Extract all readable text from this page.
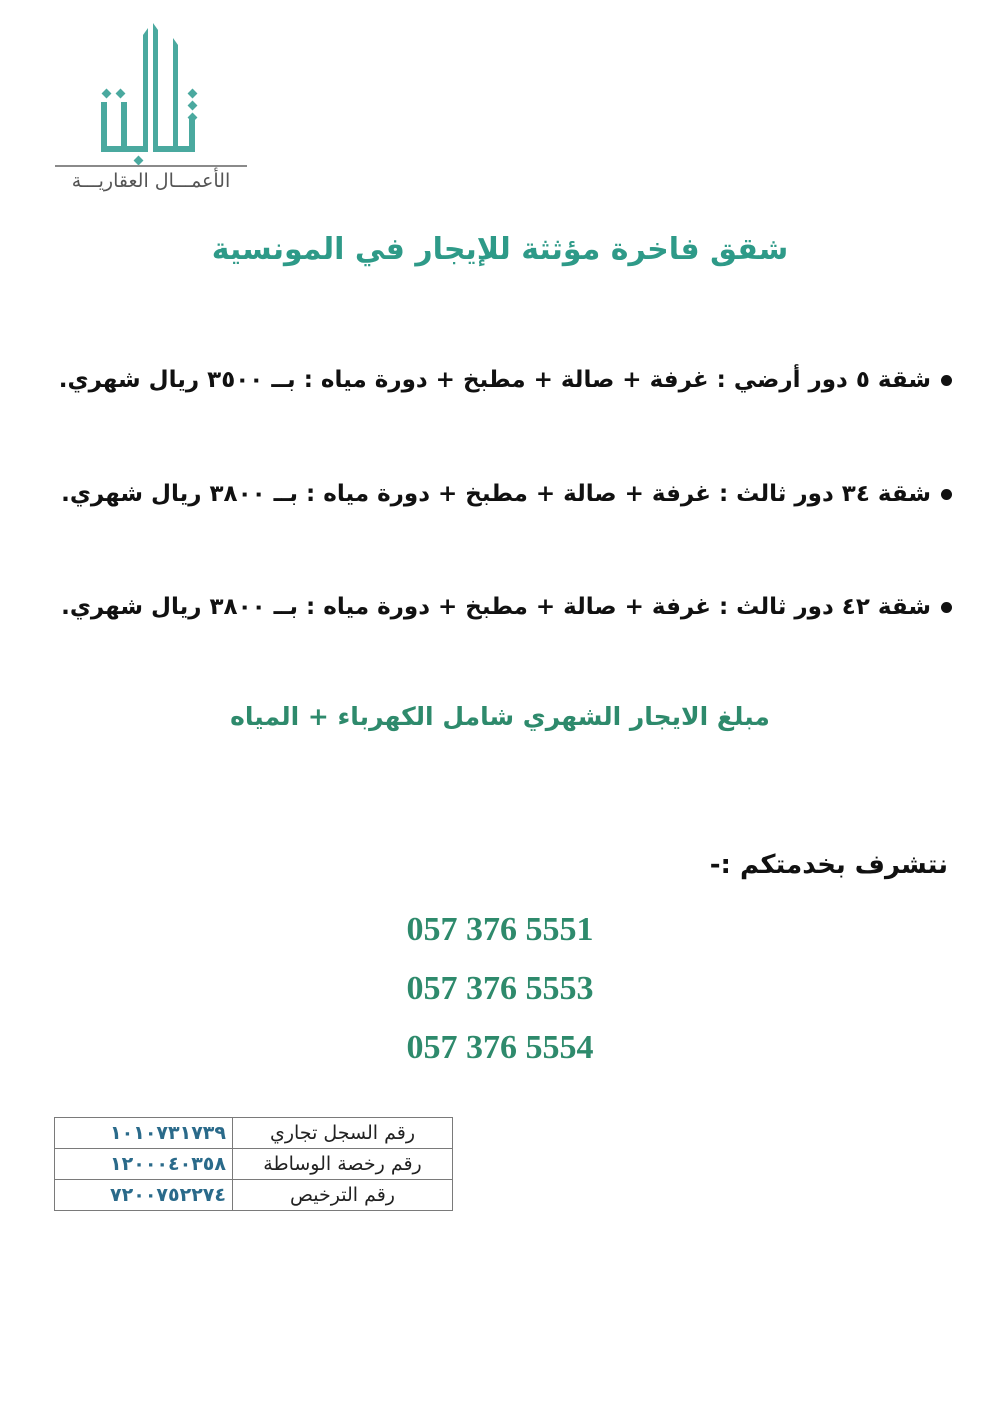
الأعمـــال العقاريـــة
شقق فاخرة مؤثثة للإيجار في المونسية
شقة ٥ دور أرضي : غرفة + صالة + مطبخ + دورة مياه : بــ ٣٥٠٠ ريال شهري.
شقة ٣٤ دور ثالث : غرفة + صالة + مطبخ + دورة مياه : بــ ٣٨٠٠ ريال شهري.
شقة ٤٢ دور ثالث : غرفة + صالة + مطبخ + دورة مياه : بــ ٣٨٠٠ ريال شهري.
مبلغ الايجار الشهري شامل الكهرباء + المياه
نتشرف بخدمتكم :-
057 376 5551
057 376 5553
057 376 5554
١٠١٠٧٣١٧٣٩	رقم السجل تجاري
١٢٠٠٠٤٠٣٥٨	رقم رخصة الوساطة
٧٢٠٠٧٥٢٢٧٤	رقم الترخيص
